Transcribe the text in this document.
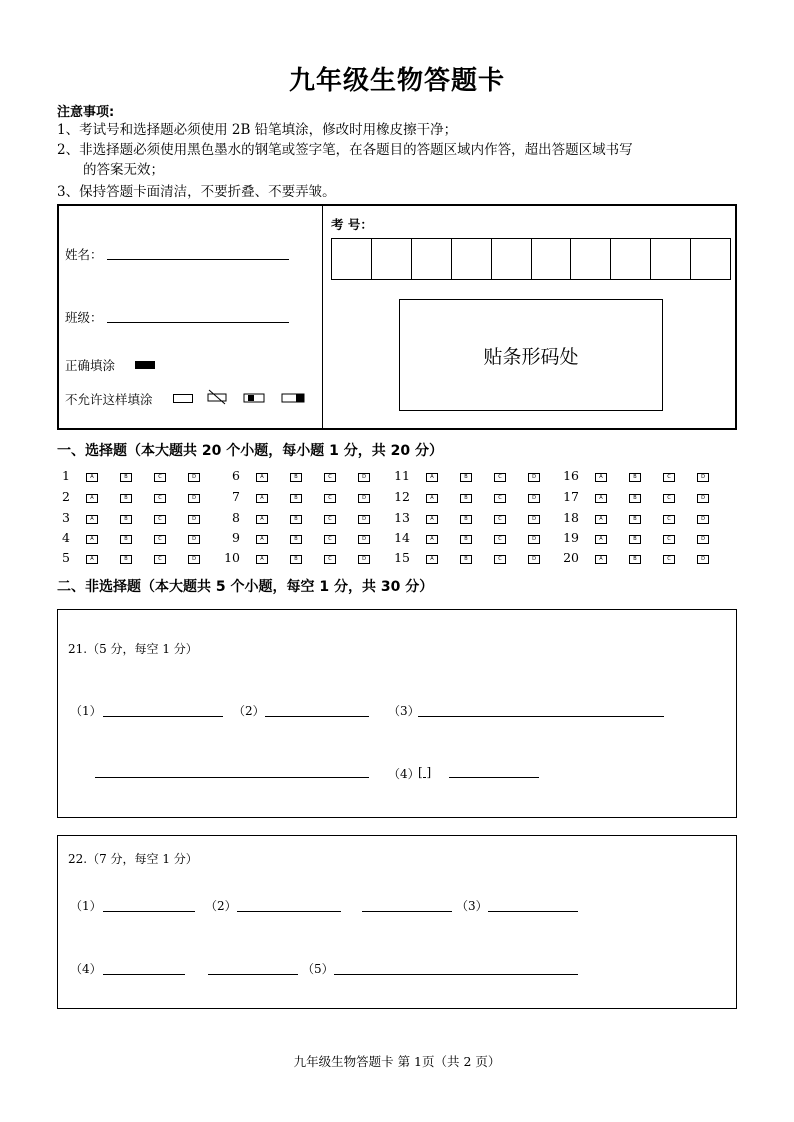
九年级生物答题卡
注意事项:
1、考试号和选择题必须使用 2B 铅笔填涂，修改时用橡皮擦干净；
2、非选择题必须使用黑色墨水的钢笔或签字笔，在各题目的答题区域内作答，超出答题区域书写
的答案无效；
3、保持答题卡面清洁，不要折叠、不要弄皱。
姓名：
班级：
正确填涂
不允许这样填涂
考 号：
贴条形码处
一、选择题（本大题共 20 个小题，每小题 1 分，共 20 分）
1	A	B	C	D
2	A	B	C	D
3	A	B	C	D
4	A	B	C	D
5	A	B	C	D
6	A	B	C	D
7	A	B	C	D
8	A	B	C	D
9	A	B	C	D
10	A	B	C	D
11	A	B	C	D
12	A	B	C	D
13	A	B	C	D
14	A	B	C	D
15	A	B	C	D
16	A	B	C	D
17	A	B	C	D
18	A	B	C	D
19	A	B	C	D
20	A	B	C	D
二、非选择题（本大题共 5 个小题，每空 1 分，共 30 分）
21.（5 分，每空 1 分）
（1）	（2）	（3）
（4）
[ ]
22.（7 分，每空 1 分）
（1）	（2）	（3）
（4）	（5）
九年级生物答题卡 第 1页（共 2 页）
